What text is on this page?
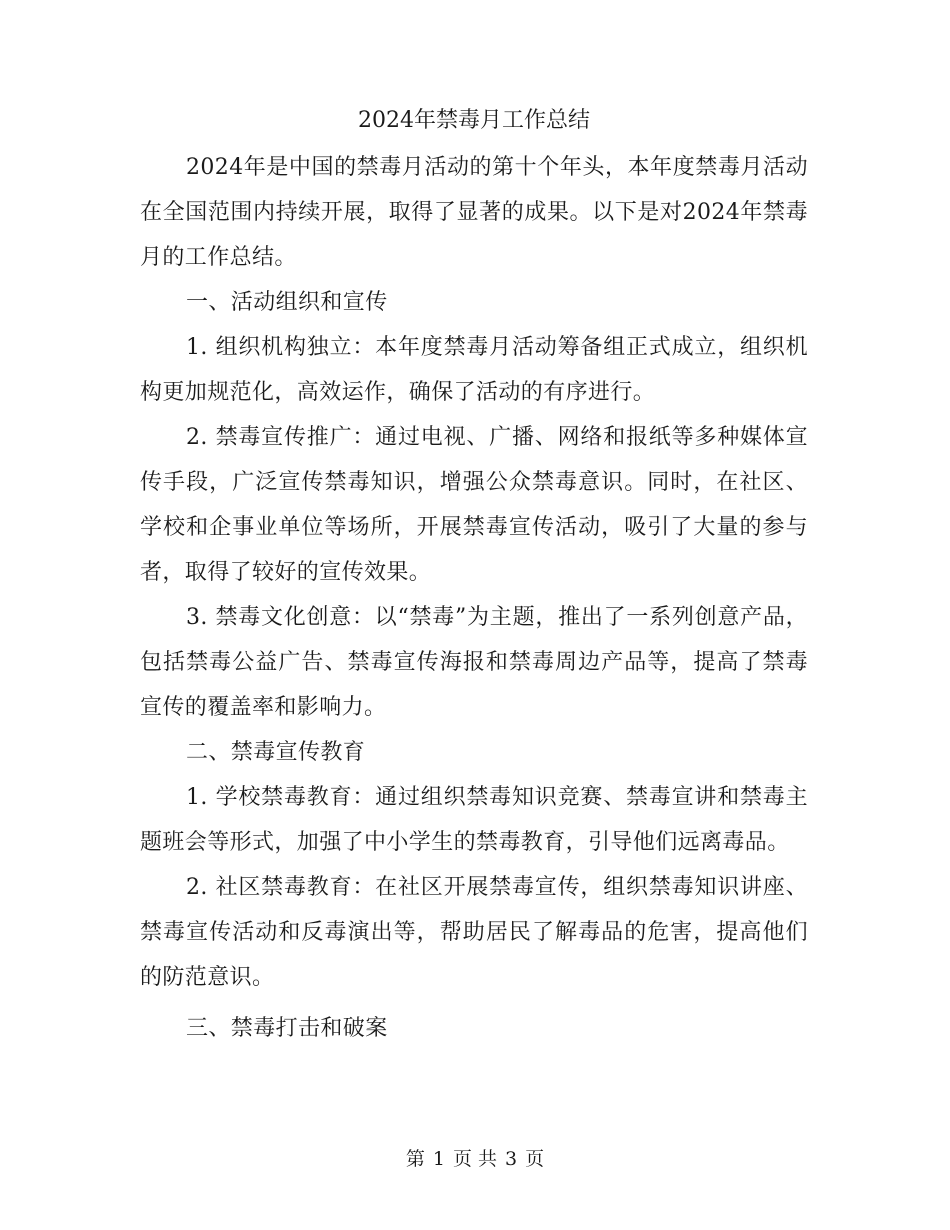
2024年禁毒月工作总结

2024年是中国的禁毒月活动的第十个年头，本年度禁毒月活动在全国范围内持续开展，取得了显著的成果。以下是对2024年禁毒月的工作总结。

一、活动组织和宣传

1. 组织机构独立：本年度禁毒月活动筹备组正式成立，组织机构更加规范化，高效运作，确保了活动的有序进行。

2. 禁毒宣传推广：通过电视、广播、网络和报纸等多种媒体宣传手段，广泛宣传禁毒知识，增强公众禁毒意识。同时，在社区、学校和企事业单位等场所，开展禁毒宣传活动，吸引了大量的参与者，取得了较好的宣传效果。

3. 禁毒文化创意：以“禁毒”为主题，推出了一系列创意产品，包括禁毒公益广告、禁毒宣传海报和禁毒周边产品等，提高了禁毒宣传的覆盖率和影响力。

二、禁毒宣传教育

1. 学校禁毒教育：通过组织禁毒知识竞赛、禁毒宣讲和禁毒主题班会等形式，加强了中小学生的禁毒教育，引导他们远离毒品。

2. 社区禁毒教育：在社区开展禁毒宣传，组织禁毒知识讲座、禁毒宣传活动和反毒演出等，帮助居民了解毒品的危害，提高他们的防范意识。

三、禁毒打击和破案
第 1 页 共 3 页
